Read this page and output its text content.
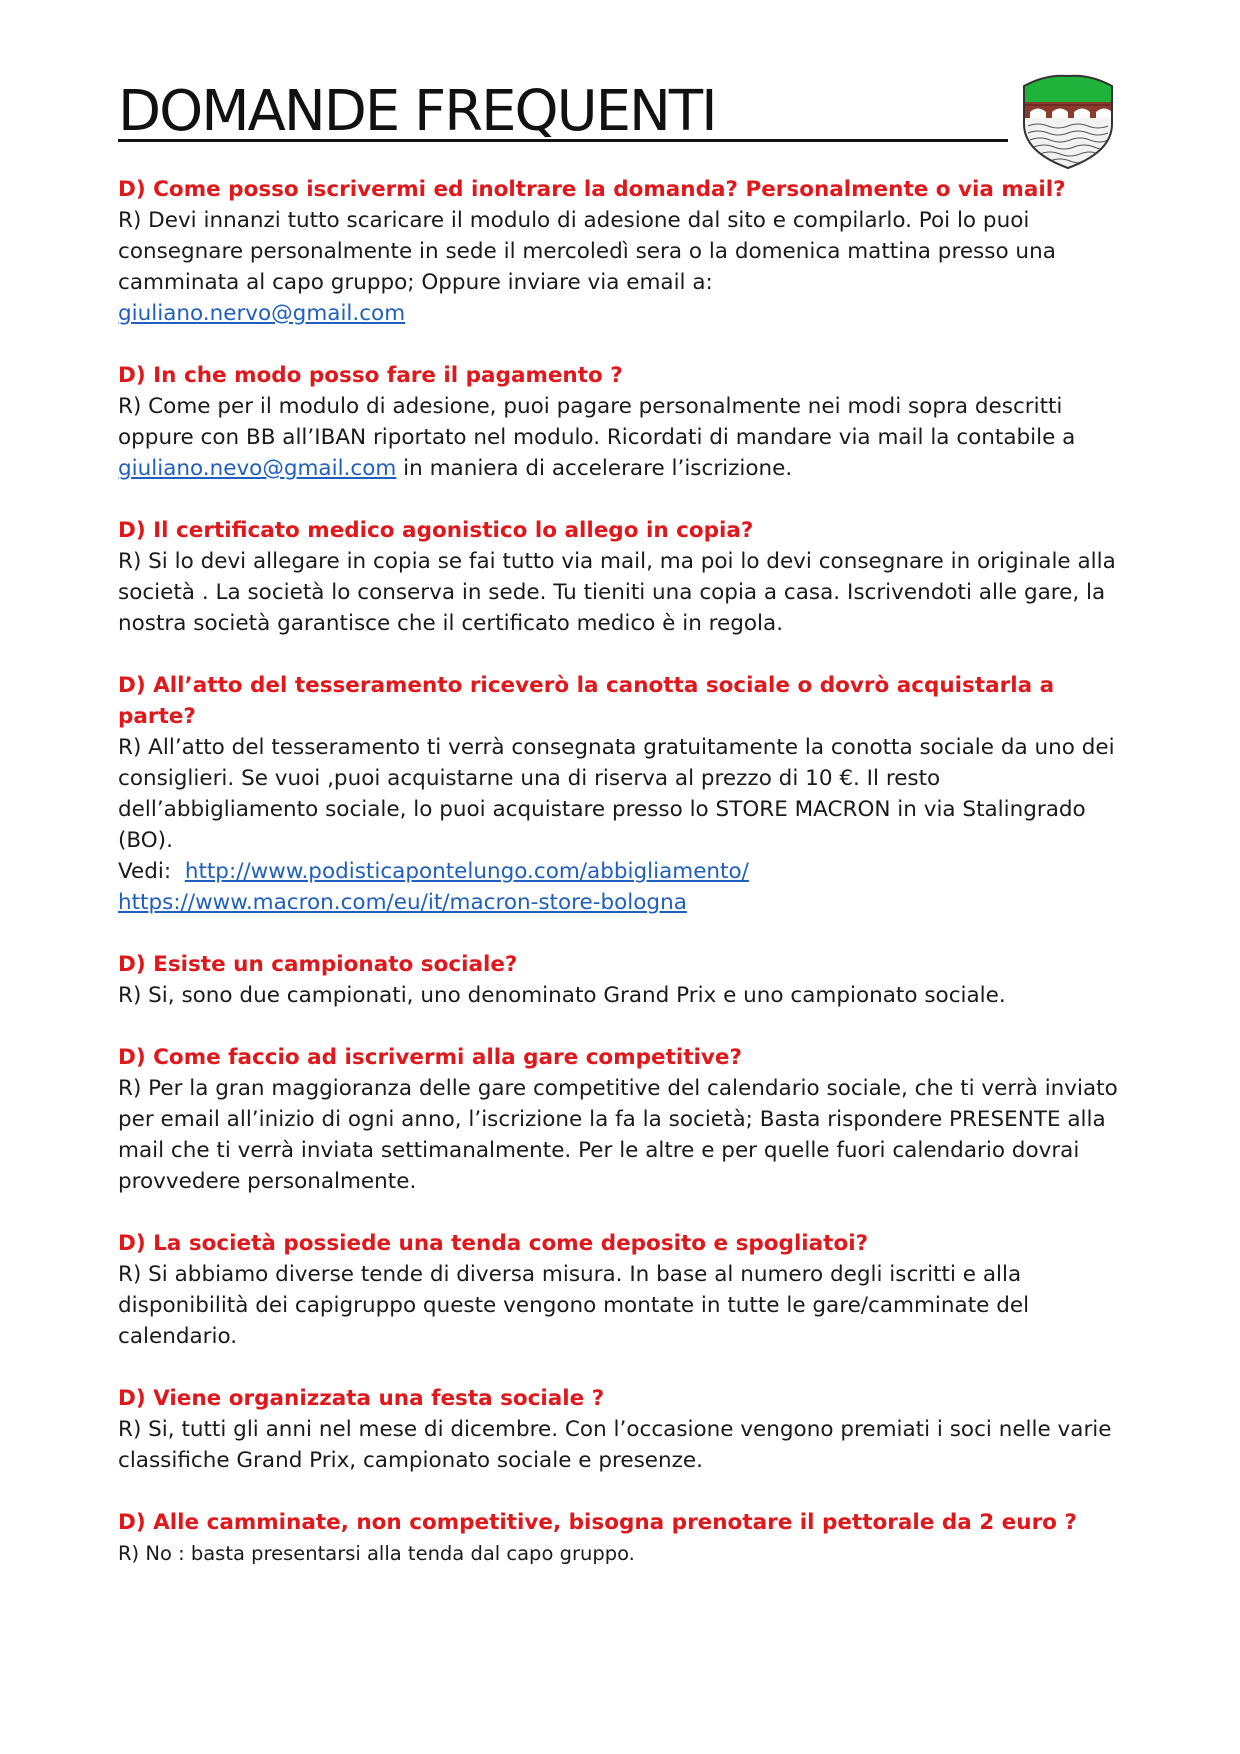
DOMANDE FREQUENTI

D) Come posso iscrivermi ed inoltrare la domanda? Personalmente o via mail?

R) Devi innanzi tutto scaricare il modulo di adesione dal sito e compilarlo. Poi lo puoi consegnare personalmente in sede il mercoledì sera o la domenica mattina presso una camminata al capo gruppo; Oppure inviare via email a:
giuliano.nervo@gmail.com

D) In che modo posso fare il pagamento ?

R) Come per il modulo di adesione, puoi pagare personalmente nei modi sopra descritti oppure con BB all’IBAN riportato nel modulo. Ricordati di mandare via mail la contabile a giuliano.nevo@gmail.com in maniera di accelerare l’iscrizione.

D) Il certificato medico agonistico lo allego in copia?

R) Si lo devi allegare in copia se fai tutto via mail, ma poi lo devi consegnare in originale alla società . La società lo conserva in sede. Tu tieniti una copia a casa. Iscrivendoti alle gare, la nostra società garantisce che il certificato medico è in regola.

D) All’atto del tesseramento riceverò la canotta sociale o dovrò acquistarla a parte?

R) All’atto del tesseramento ti verrà consegnata gratuitamente la conotta sociale da uno dei consiglieri. Se vuoi ,puoi acquistarne una di riserva al prezzo di 10 €. Il resto dell’abbigliamento sociale, lo puoi acquistare presso lo STORE MACRON in via Stalingrado (BO).

Vedi: http://www.podisticapontelungo.com/abbigliamento/
https://www.macron.com/eu/it/macron-store-bologna

D) Esiste un campionato sociale?

R) Si, sono due campionati, uno denominato Grand Prix e uno campionato sociale.

D) Come faccio ad iscrivermi alla gare competitive?

R) Per la gran maggioranza delle gare competitive del calendario sociale, che ti verrà inviato per email all’inizio di ogni anno, l’iscrizione la fa la società; Basta rispondere PRESENTE alla mail che ti verrà inviata settimanalmente. Per le altre e per quelle fuori calendario dovrai provvedere personalmente.

D) La società possiede una tenda come deposito e spogliatoi?

R) Si abbiamo diverse tende di diversa misura. In base al numero degli iscritti e alla disponibilità dei capigruppo queste vengono montate in tutte le gare/camminate del calendario.

D) Viene organizzata una festa sociale ?

R) Si, tutti gli anni nel mese di dicembre. Con l’occasione vengono premiati i soci nelle varie classifiche Grand Prix, campionato sociale e presenze.

D) Alle camminate, non competitive, bisogna prenotare il pettorale da 2 euro ?

R) No : basta presentarsi alla tenda dal capo gruppo.
